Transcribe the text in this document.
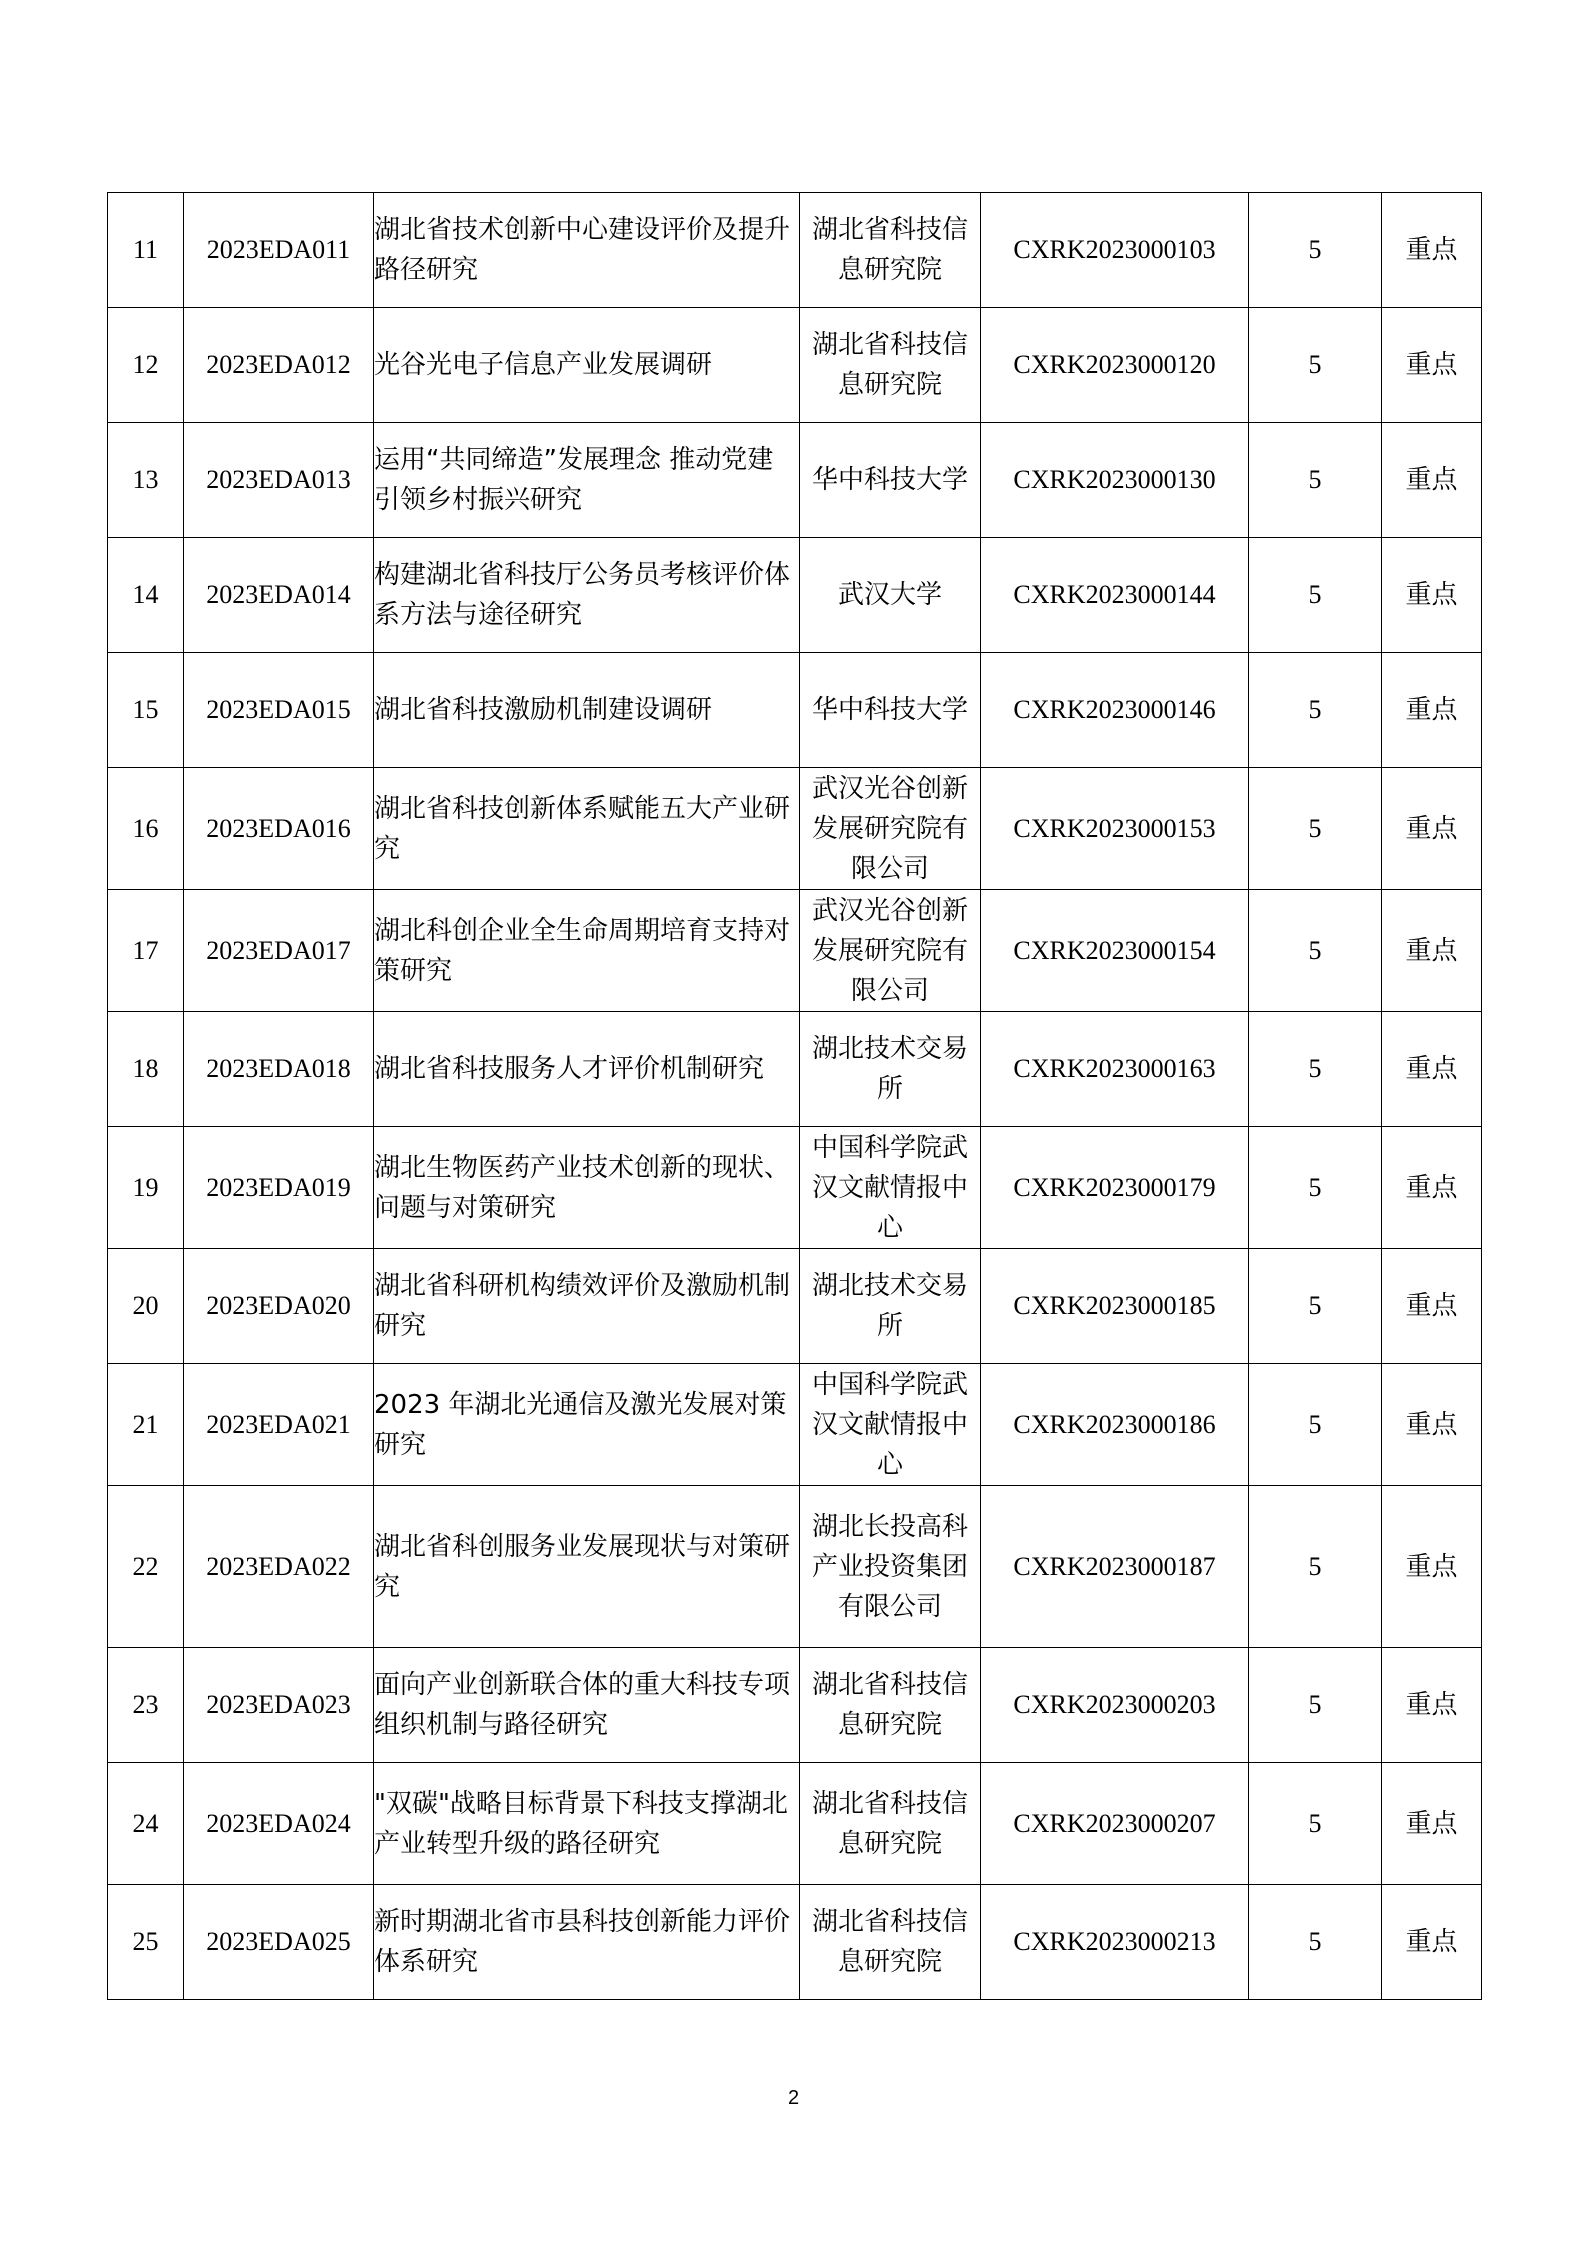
11	2023EDA011	湖北省技术创新中心建设评价及提升路径研究	湖北省科技信息研究院	CXRK2023000103	5	重点
12	2023EDA012	光谷光电子信息产业发展调研	湖北省科技信息研究院	CXRK2023000120	5	重点
13	2023EDA013	运用“共同缔造”发展理念 推动党建引领乡村振兴研究	华中科技大学	CXRK2023000130	5	重点
14	2023EDA014	构建湖北省科技厅公务员考核评价体系方法与途径研究	武汉大学	CXRK2023000144	5	重点
15	2023EDA015	湖北省科技激励机制建设调研	华中科技大学	CXRK2023000146	5	重点
16	2023EDA016	湖北省科技创新体系赋能五大产业研究	武汉光谷创新发展研究院有限公司	CXRK2023000153	5	重点
17	2023EDA017	湖北科创企业全生命周期培育支持对策研究	武汉光谷创新发展研究院有限公司	CXRK2023000154	5	重点
18	2023EDA018	湖北省科技服务人才评价机制研究	湖北技术交易所	CXRK2023000163	5	重点
19	2023EDA019	湖北生物医药产业技术创新的现状、问题与对策研究	中国科学院武汉文献情报中心	CXRK2023000179	5	重点
20	2023EDA020	湖北省科研机构绩效评价及激励机制研究	湖北技术交易所	CXRK2023000185	5	重点
21	2023EDA021	2023 年湖北光通信及激光发展对策研究	中国科学院武汉文献情报中心	CXRK2023000186	5	重点
22	2023EDA022	湖北省科创服务业发展现状与对策研究	湖北长投高科产业投资集团有限公司	CXRK2023000187	5	重点
23	2023EDA023	面向产业创新联合体的重大科技专项组织机制与路径研究	湖北省科技信息研究院	CXRK2023000203	5	重点
24	2023EDA024	"双碳"战略目标背景下科技支撑湖北产业转型升级的路径研究	湖北省科技信息研究院	CXRK2023000207	5	重点
25	2023EDA025	新时期湖北省市县科技创新能力评价体系研究	湖北省科技信息研究院	CXRK2023000213	5	重点
2
